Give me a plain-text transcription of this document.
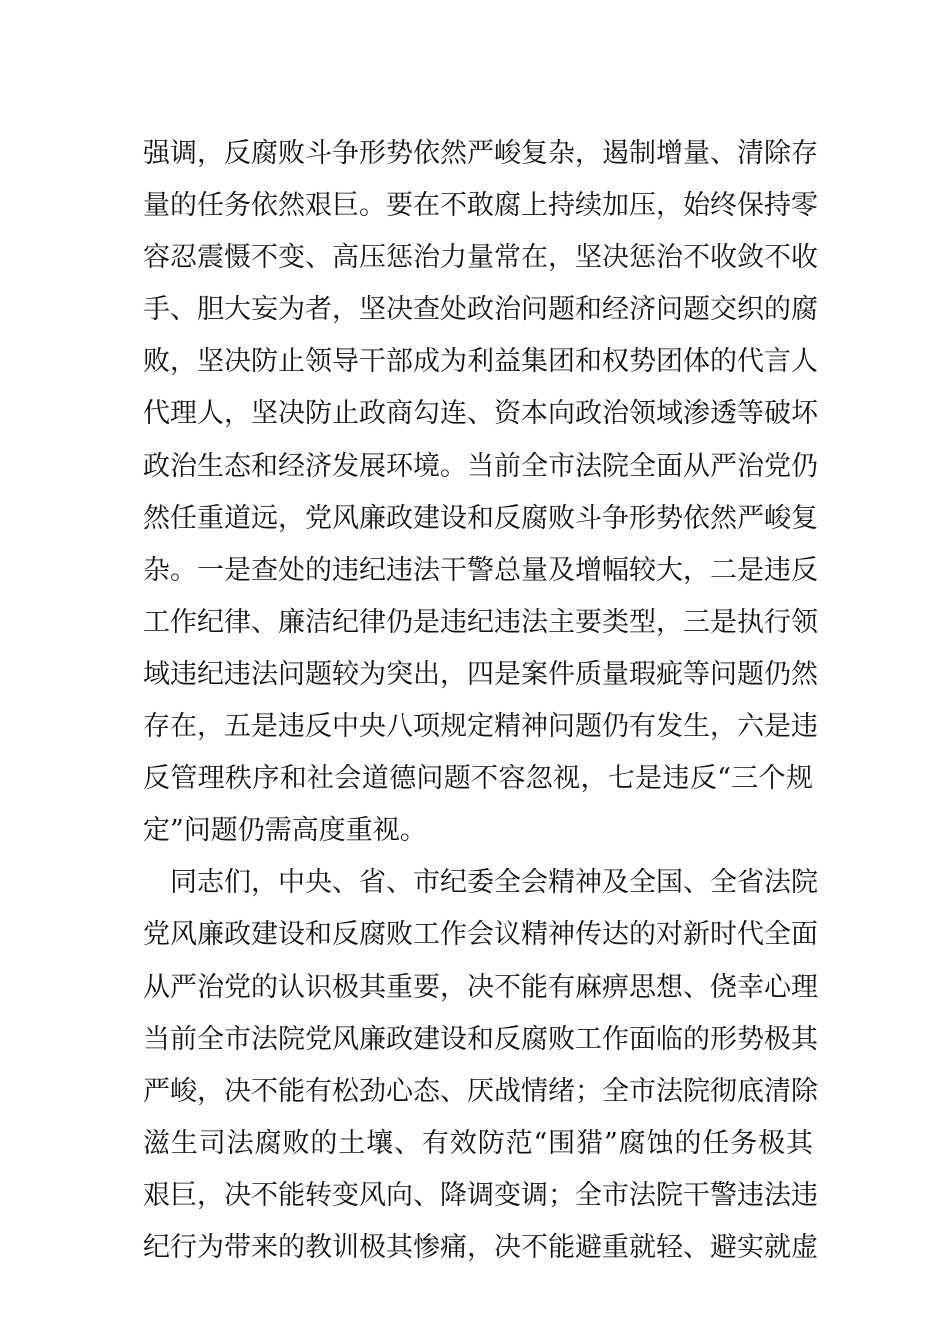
强调，反腐败斗争形势依然严峻复杂，遏制增量、清除存
量的任务依然艰巨。要在不敢腐上持续加压，始终保持零
容忍震慑不变、高压惩治力量常在，坚决惩治不收敛不收
手、胆大妄为者，坚决查处政治问题和经济问题交织的腐
败，坚决防止领导干部成为利益集团和权势团体的代言人
代理人，坚决防止政商勾连、资本向政治领域渗透等破坏
政治生态和经济发展环境。当前全市法院全面从严治党仍
然任重道远，党风廉政建设和反腐败斗争形势依然严峻复
杂。一是查处的违纪违法干警总量及增幅较大，二是违反
工作纪律、廉洁纪律仍是违纪违法主要类型，三是执行领
域违纪违法问题较为突出，四是案件质量瑕疵等问题仍然
存在，五是违反中央八项规定精神问题仍有发生，六是违
反管理秩序和社会道德问题不容忽视，七是违反“三个规
定”问题仍需高度重视。
　同志们，中央、省、市纪委全会精神及全国、全省法院
党风廉政建设和反腐败工作会议精神传达的对新时代全面
从严治党的认识极其重要，决不能有麻痹思想、侥幸心理
当前全市法院党风廉政建设和反腐败工作面临的形势极其
严峻，决不能有松劲心态、厌战情绪；全市法院彻底清除
滋生司法腐败的土壤、有效防范“围猎”腐蚀的任务极其
艰巨，决不能转变风向、降调变调；全市法院干警违法违
纪行为带来的教训极其惨痛，决不能避重就轻、避实就虚
